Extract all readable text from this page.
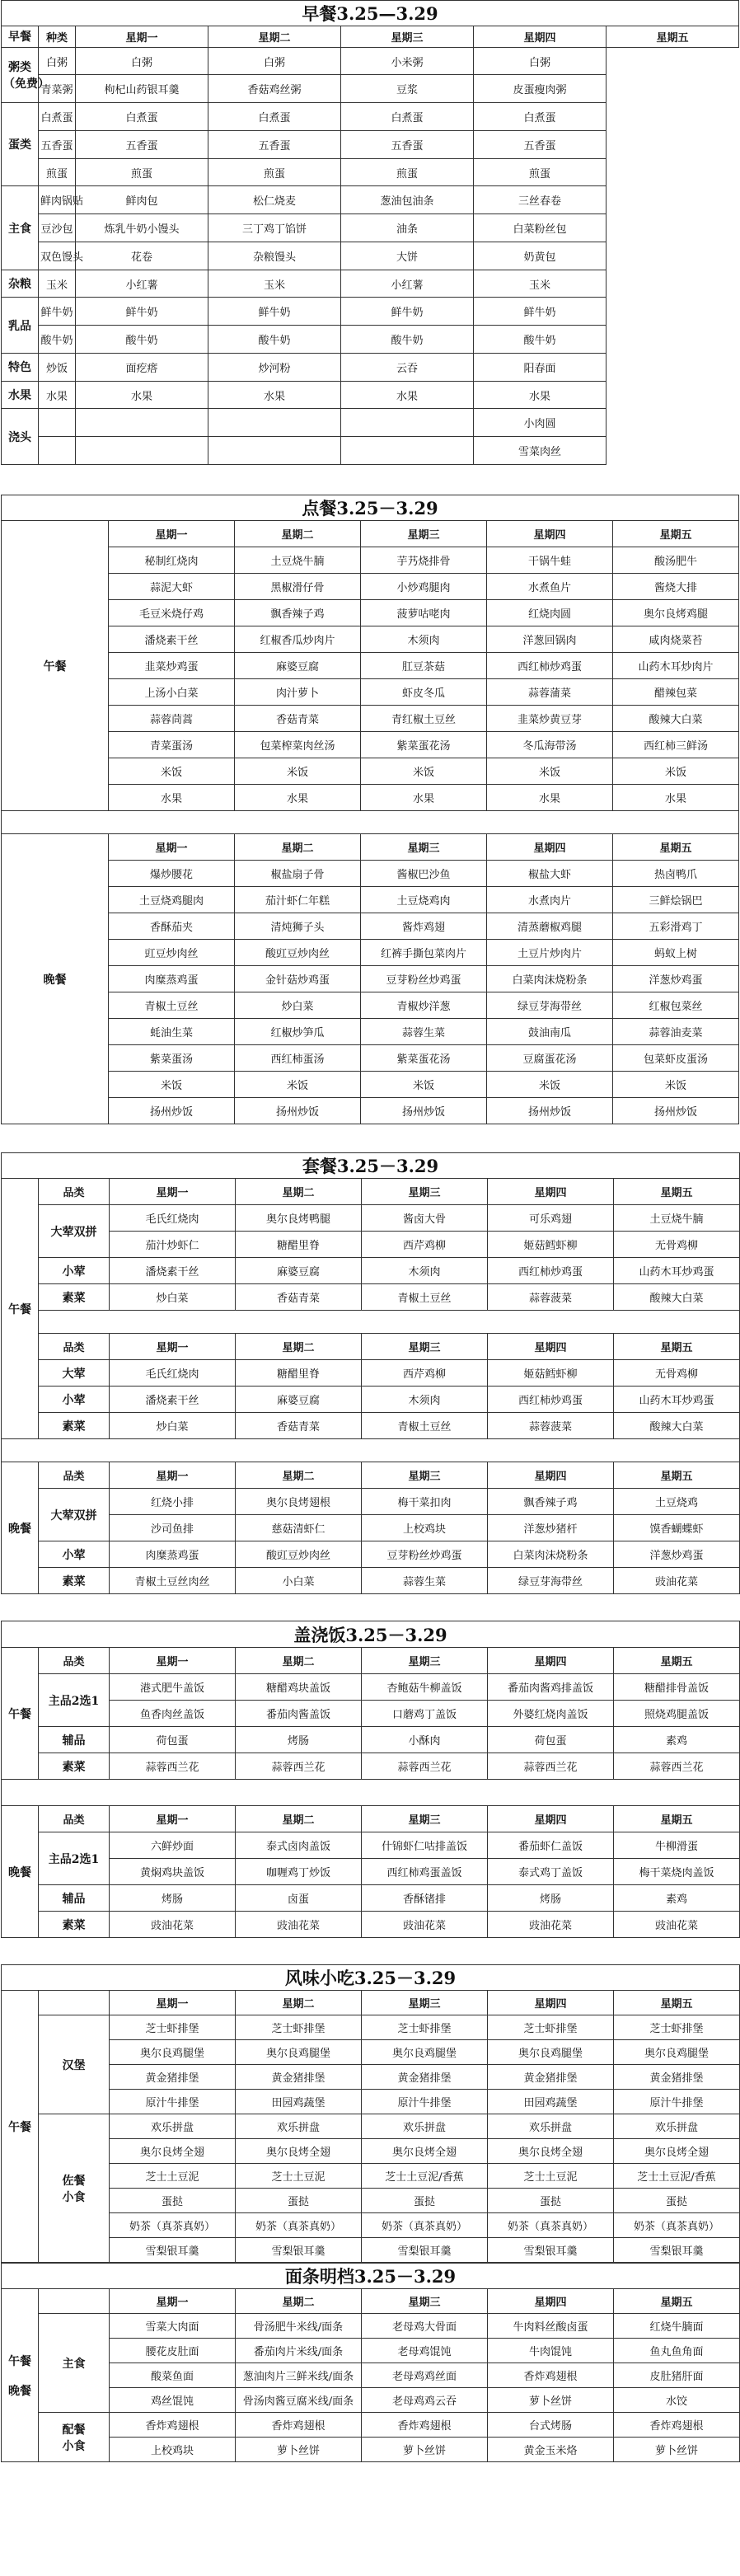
早餐3.25—3.29						
早餐	种类	星期一	星期二	星期三	星期四	星期五
粥类
（免费）	白粥	白粥	白粥	小米粥	白粥	
	青菜粥	枸杞山药银耳羹	香菇鸡丝粥	豆浆	皮蛋瘦肉粥	
蛋类	白煮蛋	白煮蛋	白煮蛋	白煮蛋	白煮蛋	
	五香蛋	五香蛋	五香蛋	五香蛋	五香蛋	
	煎蛋	煎蛋	煎蛋	煎蛋	煎蛋	
主食	鲜肉锅贴	鲜肉包	松仁烧麦	葱油包油条	三丝春卷	
	豆沙包	炼乳牛奶小馒头	三丁鸡丁馅饼	油条	白菜粉丝包	
	双色馒头	花卷	杂粮馒头	大饼	奶黄包	
杂粮	玉米	小红薯	玉米	小红薯	玉米	
乳品	鲜牛奶	鲜牛奶	鲜牛奶	鲜牛奶	鲜牛奶	
	酸牛奶	酸牛奶	酸牛奶	酸牛奶	酸牛奶	
特色	炒饭	面疙瘩	炒河粉	云吞	阳春面	
水果	水果	水果	水果	水果	水果	
浇头					小肉圆	
					雪菜肉丝	
点餐3.25－3.29					
午餐	星期一	星期二	星期三	星期四	星期五
	秘制红烧肉	土豆烧牛腩	芋艿烧排骨	干锅牛蛙	酸汤肥牛
	蒜泥大虾	黑椒滑仔骨	小炒鸡腿肉	水煮鱼片	酱烧大排
	毛豆米烧仔鸡	飘香辣子鸡	菠萝咕咾肉	红烧肉圆	奥尔良烤鸡腿
	潘烧素干丝	红椒香瓜炒肉片	木须肉	洋葱回锅肉	咸肉烧菜苔
	韭菜炒鸡蛋	麻婆豆腐	肛豆茶菇	西红柿炒鸡蛋	山药木耳炒肉片
	上汤小白菜	肉汁萝卜	虾皮冬瓜	蒜蓉蒲菜	醋辣包菜
	蒜蓉茼蒿	香菇青菜	青红椒土豆丝	韭菜炒黄豆芽	酸辣大白菜
	青菜蛋汤	包菜榨菜肉丝汤	紫菜蛋花汤	冬瓜海带汤	西红柿三鲜汤
	米饭	米饭	米饭	米饭	米饭
	水果	水果	水果	水果	水果

晚餐	星期一	星期二	星期三	星期四	星期五
	爆炒腰花	椒盐扇子骨	酱椒巴沙鱼	椒盐大虾	热卤鸭爪
	土豆烧鸡腿肉	茄汁虾仁年糕	土豆烧鸡肉	水煮肉片	三鲜烩锅巴
	香酥茄夹	清炖狮子头	酱炸鸡翅	清蒸蘑椒鸡腿	五彩滑鸡丁
	豇豆炒肉丝	酸豇豆炒肉丝	红裤手撕包菜肉片	土豆片炒肉片	蚂蚁上树
	肉糜蒸鸡蛋	金针菇炒鸡蛋	豆芽粉丝炒鸡蛋	白菜肉沫烧粉条	洋葱炒鸡蛋
	青椒土豆丝	炒白菜	青椒炒洋葱	绿豆芽海带丝	红椒包菜丝
	蚝油生菜	红椒炒笋瓜	蒜蓉生菜	鼓油南瓜	蒜蓉油麦菜
	紫菜蛋汤	西红柿蛋汤	紫菜蛋花汤	豆腐蛋花汤	包菜虾皮蛋汤
	米饭	米饭	米饭	米饭	米饭
	扬州炒饭	扬州炒饭	扬州炒饭	扬州炒饭	扬州炒饭
套餐3.25－3.29						
午餐	品类	星期一	星期二	星期三	星期四	星期五
	大荤双拼	毛氏红烧肉	奥尔良烤鸭腿	酱卤大骨	可乐鸡翅	土豆烧牛腩
		茄汁炒虾仁	糖醋里脊	西芹鸡柳	姬菇鳕虾柳	无骨鸡柳
	小荤	潘烧素干丝	麻婆豆腐	木须肉	西红柿炒鸡蛋	山药木耳炒鸡蛋
	素菜	炒白菜	香菇青菜	青椒土豆丝	蒜蓉菠菜	酸辣大白菜

	品类	星期一	星期二	星期三	星期四	星期五
	大荤	毛氏红烧肉	糖醋里脊	西芹鸡柳	姬菇鳕虾柳	无骨鸡柳
	小荤	潘烧素干丝	麻婆豆腐	木须肉	西红柿炒鸡蛋	山药木耳炒鸡蛋
	素菜	炒白菜	香菇青菜	青椒土豆丝	蒜蓉菠菜	酸辣大白菜

晚餐	品类	星期一	星期二	星期三	星期四	星期五
	大荤双拼	红烧小排	奥尔良烤翅根	梅干菜扣肉	飘香辣子鸡	土豆烧鸡
		沙司鱼排	慈菇清虾仁	上校鸡块	洋葱炒猪杆	馍香蝴蝶虾
	小荤	肉糜蒸鸡蛋	酸豇豆炒肉丝	豆芽粉丝炒鸡蛋	白菜肉沫烧粉条	洋葱炒鸡蛋
	素菜	青椒土豆丝肉丝	小白菜	蒜蓉生菜	绿豆芽海带丝	豉油花菜
盖浇饭3.25－3.29						
午餐	品类	星期一	星期二	星期三	星期四	星期五
	主品2选1	港式肥牛盖饭	糖醋鸡块盖饭	杏鲍菇牛柳盖饭	番茄肉酱鸡排盖饭	糖醋排骨盖饭
		鱼香肉丝盖饭	番茄肉酱盖饭	口蘑鸡丁盖饭	外婆红烧肉盖饭	照烧鸡腿盖饭
	辅品	荷包蛋	烤肠	小酥肉	荷包蛋	素鸡
	素菜	蒜蓉西兰花	蒜蓉西兰花	蒜蓉西兰花	蒜蓉西兰花	蒜蓉西兰花

晚餐	品类	星期一	星期二	星期三	星期四	星期五
	主品2选1	六鲜炒面	泰式卤肉盖饭	什锦虾仁咕排盖饭	番茄虾仁盖饭	牛柳滑蛋
		黄焖鸡块盖饭	咖喱鸡丁炒饭	西红柿鸡蛋盖饭	泰式鸡丁盖饭	梅干菜烧肉盖饭
	辅品	烤肠	卤蛋	香酥锗排	烤肠	素鸡
	素菜	豉油花菜	豉油花菜	豉油花菜	豉油花菜	豉油花菜
风味小吃3.25－3.29						
午餐		星期一	星期二	星期三	星期四	星期五
	汉堡	芝士虾排堡	芝士虾排堡	芝士虾排堡	芝士虾排堡	芝士虾排堡
		奥尔良鸡腿堡	奥尔良鸡腿堡	奥尔良鸡腿堡	奥尔良鸡腿堡	奥尔良鸡腿堡
		黄金猪排堡	黄金猪排堡	黄金猪排堡	黄金猪排堡	黄金猪排堡
		原汁牛排堡	田园鸡蔬堡	原汁牛排堡	田园鸡蔬堡	原汁牛排堡
	佐餐
小食	欢乐拼盘	欢乐拼盘	欢乐拼盘	欢乐拼盘	欢乐拼盘
		奥尔良烤全翅	奥尔良烤全翅	奥尔良烤全翅	奥尔良烤全翅	奥尔良烤全翅
		芝士土豆泥	芝士土豆泥	芝士土豆泥/香蕉	芝士土豆泥	芝士土豆泥/香蕉
		蛋挞	蛋挞	蛋挞	蛋挞	蛋挞
		奶茶（真茶真奶）	奶茶（真茶真奶）	奶茶（真茶真奶）	奶茶（真茶真奶）	奶茶（真茶真奶）
		雪梨银耳羹	雪梨银耳羹	雪梨银耳羹	雪梨银耳羹	雪梨银耳羹
面条明档3.25－3.29						
午餐

晚餐		星期一	星期二	星期三	星期四	星期五
	主食	雪菜大肉面	骨汤肥牛米线/面条	老母鸡大骨面	牛肉料丝酸卤蛋	红烧牛腩面
		腰花皮肚面	番茄肉片米线/面条	老母鸡馄饨	牛肉馄饨	鱼丸鱼角面
		酸菜鱼面	葱油肉片三鲜米线/面条	老母鸡鸡丝面	香炸鸡翅根	皮肚猪肝面
		鸡丝馄饨	骨汤肉酱豆腐米线/面条	老母鸡鸡云吞	萝卜丝饼	水饺
	配餐
小食	香炸鸡翅根	香炸鸡翅根	香炸鸡翅根	台式烤肠	香炸鸡翅根
		上校鸡块	萝卜丝饼	萝卜丝饼	黄金玉米烙	萝卜丝饼
